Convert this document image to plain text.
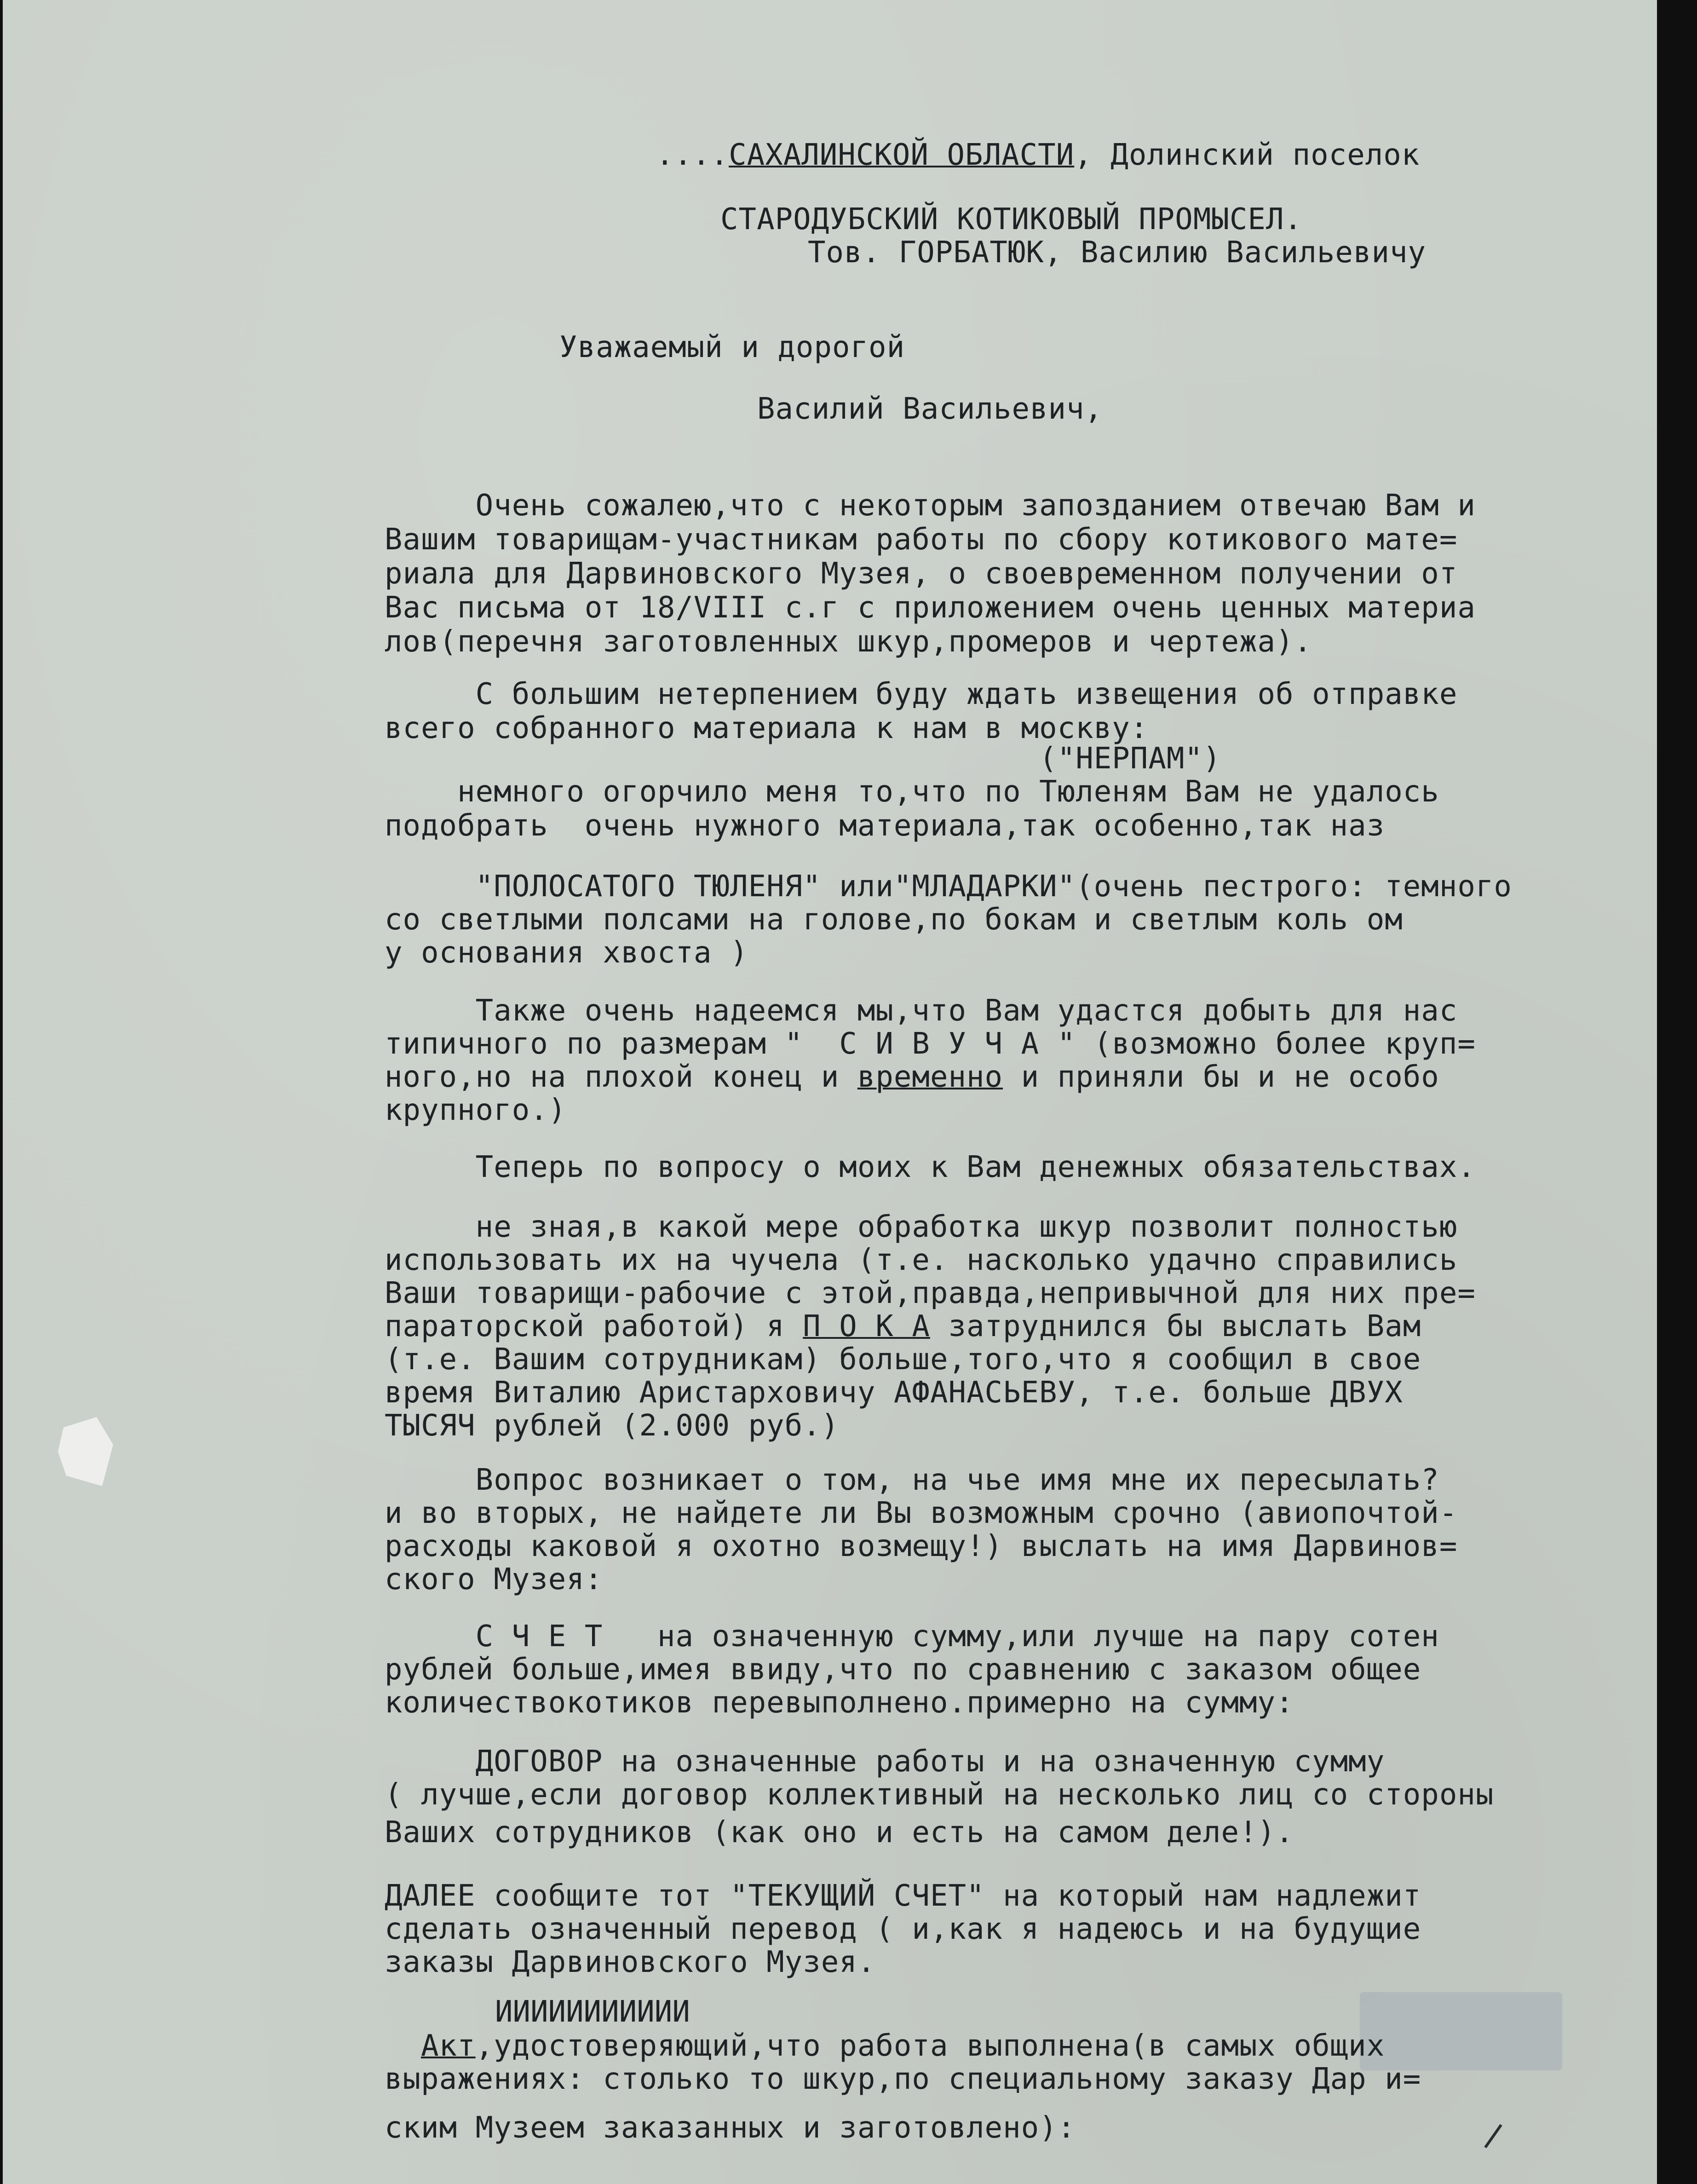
....САХАЛИНСКОЙ ОБЛАСТИ, Долинский поселок

СТАРОДУБСКИЙ КОТИКОВЫЙ ПРОМЫСЕЛ.

Тов. ГОРБАТЮК, Василию Васильевичу

Уважаемый и дорогой

Василий Васильевич,

Очень сожалею,что с некоторым запозданием отвечаю Вам и

Вашим товарищам-участникам работы по сбору котикового мате=

риала для Дарвиновского Музея, о своевременном получении от

Вас письма от 18/VIII с.г с приложением очень ценных материа

лов(перечня заготовленных шкур,промеров и чертежа).

С большим нетерпением буду ждать извещения об отправке

всего собранного материала к нам в москву:

("НЕРПАМ")

немного огорчило меня то,что по Тюленям Вам не удалось

подобрать  очень нужного материала,так особенно,так наз

"ПОЛОСАТОГО ТЮЛЕНЯ" или"МЛАДАРКИ"(очень пестрого: темного

со светлыми полсами на голове,по бокам и светлым коль ом

у основания хвоста )

Также очень надеемся мы,что Вам удастся добыть для нас

типичного по размерам "  С И В У Ч А " (возможно более круп=

ного,но на плохой конец и временно и приняли бы и не особо

крупного.)

Теперь по вопросу о моих к Вам денежных обязательствах.

не зная,в какой мере обработка шкур позволит полностью

использовать их на чучела (т.е. насколько удачно справились

Ваши товарищи-рабочие с этой,правда,непривычной для них пре=

параторской работой) я П О К А затруднился бы выслать Вам

(т.е. Вашим сотрудникам) больше,того,что я сообщил в свое

время Виталию Аристарховичу АФАНАСЬЕВУ, т.е. больше ДВУХ

ТЫСЯЧ рублей (2.000 руб.)

Вопрос возникает о том, на чье имя мне их пересылать?

и во вторых, не найдете ли Вы возможным срочно (авиопочтой-

расходы каковой я охотно возмещу!) выслать на имя Дарвинов=

ского Музея:

С Ч Е Т   на означенную сумму,или лучше на пару сотен

рублей больше,имея ввиду,что по сравнению с заказом общее

количествокотиков перевыполнено.примерно на сумму:

ДОГОВОР на означенные работы и на означенную сумму

( лучше,если договор коллективный на несколько лиц со стороны

Ваших сотрудников (как оно и есть на самом деле!).

ДАЛЕЕ сообщите тот "ТЕКУЩИЙ СЧЕТ" на который нам надлежит

сделать означенный перевод ( и,как я надеюсь и на будущие

заказы Дарвиновского Музея.

ИИИИИИИИИИИ

Акт,удостоверяющий,что работа выполнена(в самых общих

выражениях: столько то шкур,по специальному заказу Дар и=

ским Музеем заказанных и заготовлено):
